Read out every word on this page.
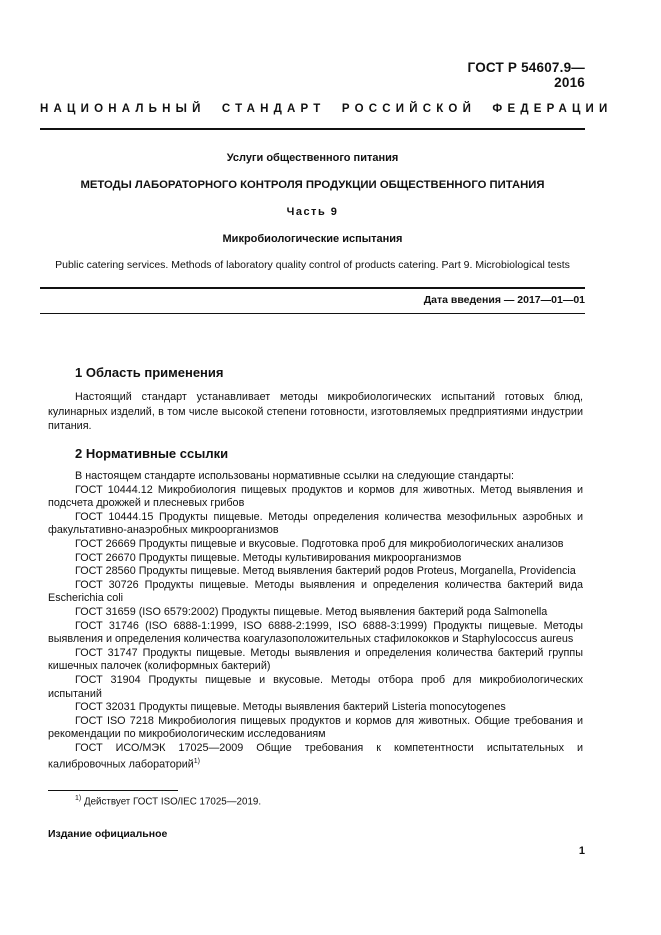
ГОСТ Р 54607.9—2016
НАЦИОНАЛЬНЫЙ СТАНДАРТ РОССИЙСКОЙ ФЕДЕРАЦИИ
Услуги общественного питания
МЕТОДЫ ЛАБОРАТОРНОГО КОНТРОЛЯ ПРОДУКЦИИ ОБЩЕСТВЕННОГО ПИТАНИЯ
Часть 9
Микробиологические испытания
Public catering services. Methods of laboratory quality control of products catering. Part 9. Microbiological tests
Дата введения — 2017—01—01
1 Область применения
Настоящий стандарт устанавливает методы микробиологических испытаний готовых блюд, кулинарных изделий, в том числе высокой степени готовности, изготовляемых предприятиями индустрии питания.
2 Нормативные ссылки
В настоящем стандарте использованы нормативные ссылки на следующие стандарты:
ГОСТ 10444.12 Микробиология пищевых продуктов и кормов для животных. Метод выявления и подсчета дрожжей и плесневых грибов
ГОСТ 10444.15 Продукты пищевые. Методы определения количества мезофильных аэробных и факультативно-анаэробных микроорганизмов
ГОСТ 26669 Продукты пищевые и вкусовые. Подготовка проб для микробиологических анализов
ГОСТ 26670 Продукты пищевые. Методы культивирования микроорганизмов
ГОСТ 28560 Продукты пищевые. Метод выявления бактерий родов Proteus, Morganella, Providencia
ГОСТ 30726 Продукты пищевые. Методы выявления и определения количества бактерий вида Escherichia coli
ГОСТ 31659 (ISO 6579:2002) Продукты пищевые. Метод выявления бактерий рода Salmonella
ГОСТ 31746 (ISO 6888-1:1999, ISO 6888-2:1999, ISO 6888-3:1999) Продукты пищевые. Методы выявления и определения количества коагулазоположительных стафилококков и Staphylococcus aureus
ГОСТ 31747 Продукты пищевые. Методы выявления и определения количества бактерий группы кишечных палочек (колиформных бактерий)
ГОСТ 31904 Продукты пищевые и вкусовые. Методы отбора проб для микробиологических испытаний
ГОСТ 32031 Продукты пищевые. Методы выявления бактерий Listeria monocytogenes
ГОСТ ISO 7218 Микробиология пищевых продуктов и кормов для животных. Общие требования и рекомендации по микробиологическим исследованиям
ГОСТ ИСО/МЭК 17025—2009 Общие требования к компетентности испытательных и калибровочных лабораторий$^{1)}$
$^{1)}$ Действует ГОСТ ISO/IEC 17025—2019.
Издание официальное
1
